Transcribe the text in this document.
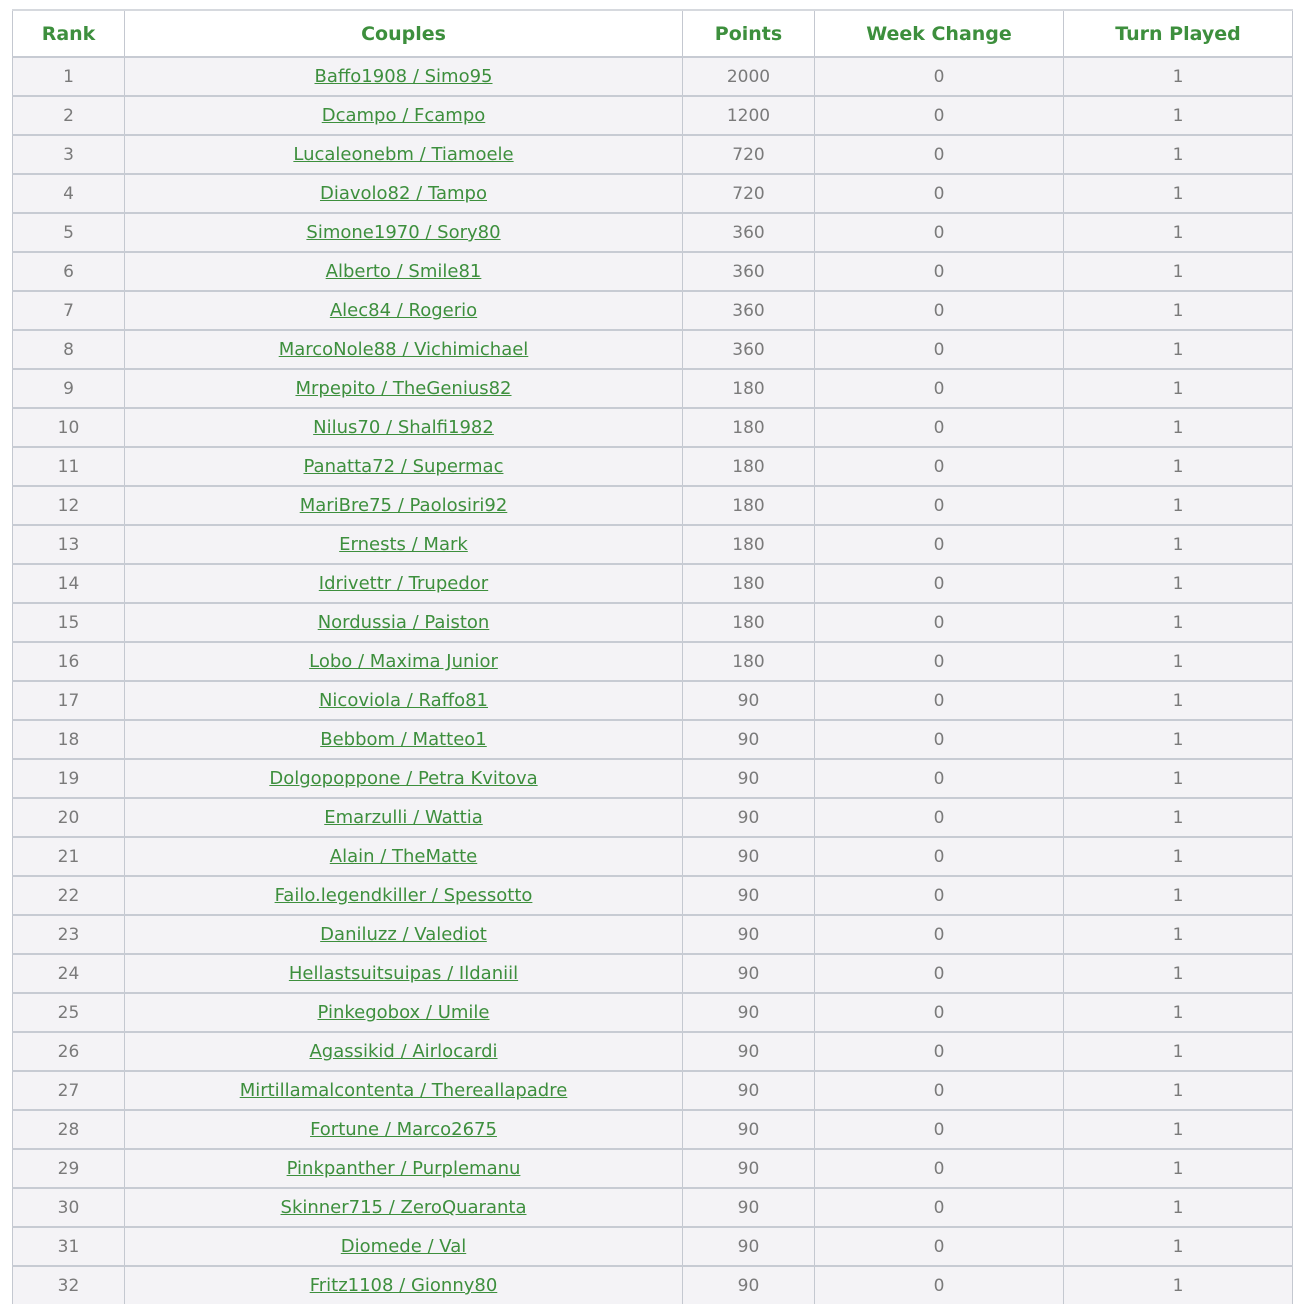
Rank	Couples	Points	Week Change	Turn Played
1	Baffo1908 / Simo95	2000	0	1
2	Dcampo / Fcampo	1200	0	1
3	Lucaleonebm / Tiamoele	720	0	1
4	Diavolo82 / Tampo	720	0	1
5	Simone1970 / Sory80	360	0	1
6	Alberto / Smile81	360	0	1
7	Alec84 / Rogerio	360	0	1
8	MarcoNole88 / Vichimichael	360	0	1
9	Mrpepito / TheGenius82	180	0	1
10	Nilus70 / Shalfi1982	180	0	1
11	Panatta72 / Supermac	180	0	1
12	MariBre75 / Paolosiri92	180	0	1
13	Ernests / Mark	180	0	1
14	Idrivettr / Trupedor	180	0	1
15	Nordussia / Paiston	180	0	1
16	Lobo / Maxima Junior	180	0	1
17	Nicoviola / Raffo81	90	0	1
18	Bebbom / Matteo1	90	0	1
19	Dolgopoppone / Petra Kvitova	90	0	1
20	Emarzulli / Wattia	90	0	1
21	Alain / TheMatte	90	0	1
22	Failo.legendkiller / Spessotto	90	0	1
23	Daniluzz / Valediot	90	0	1
24	Hellastsuitsuipas / Ildaniil	90	0	1
25	Pinkegobox / Umile	90	0	1
26	Agassikid / Airlocardi	90	0	1
27	Mirtillamalcontenta / Thereallapadre	90	0	1
28	Fortune / Marco2675	90	0	1
29	Pinkpanther / Purplemanu	90	0	1
30	Skinner715 / ZeroQuaranta	90	0	1
31	Diomede / Val	90	0	1
32	Fritz1108 / Gionny80	90	0	1
